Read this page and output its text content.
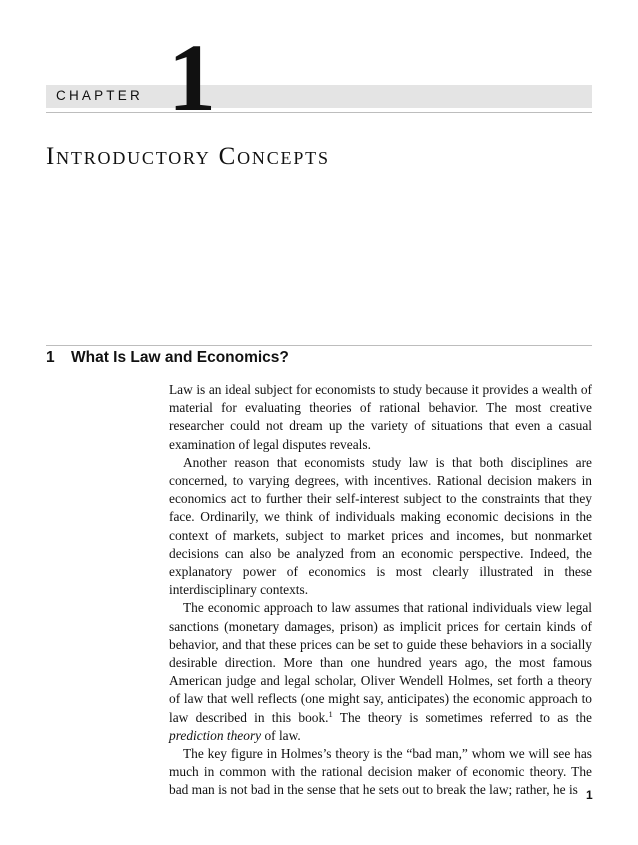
CHAPTER 1
Introductory Concepts
1 What Is Law and Economics?

Law is an ideal subject for economists to study because it provides a wealth of material for evaluating theories of rational behavior. The most creative researcher could not dream up the variety of situations that even a casual examination of legal disputes reveals.

Another reason that economists study law is that both disciplines are concerned, to varying degrees, with incentives. Rational decision makers in economics act to further their self-interest subject to the constraints that they face. Ordinarily, we think of individuals making economic decisions in the context of markets, subject to market prices and incomes, but nonmarket decisions can also be analyzed from an economic perspective. Indeed, the explanatory power of economics is most clearly illustrated in these interdisciplinary contexts.

The economic approach to law assumes that rational individuals view legal sanctions (monetary damages, prison) as implicit prices for certain kinds of behavior, and that these prices can be set to guide these behaviors in a socially desirable direction. More than one hundred years ago, the most famous American judge and legal scholar, Oliver Wendell Holmes, set forth a theory of law that well reflects (one might say, anticipates) the economic approach to law described in this book.$^1$ The theory is sometimes referred to as the prediction theory of law.

The key figure in Holmes’s theory is the “bad man,” whom we will see has much in common with the rational decision maker of economic theory. The bad man is not bad in the sense that he sets out to break the law; rather, he is 1
